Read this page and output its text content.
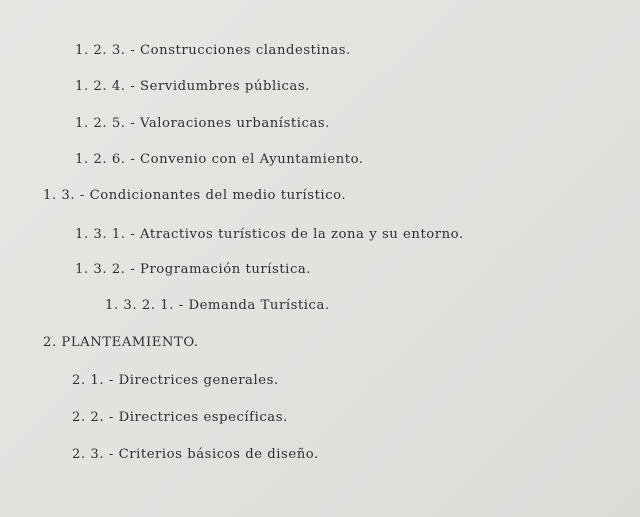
1. 2. 3. - Construcciones clandestinas.
1. 2. 4. - Servidumbres públicas.
1. 2. 5. - Valoraciones urbanísticas.
1. 2. 6. - Convenio con el Ayuntamiento.
1. 3. - Condicionantes del medio turístico.
1. 3. 1. - Atractivos turísticos de la zona y su entorno.
1. 3. 2. - Programación turística.
1. 3. 2. 1. - Demanda Turística.
2. PLANTEAMIENTO.
2. 1. - Directrices generales.
2. 2. - Directrices específicas.
2. 3. - Criterios básicos de diseño.
